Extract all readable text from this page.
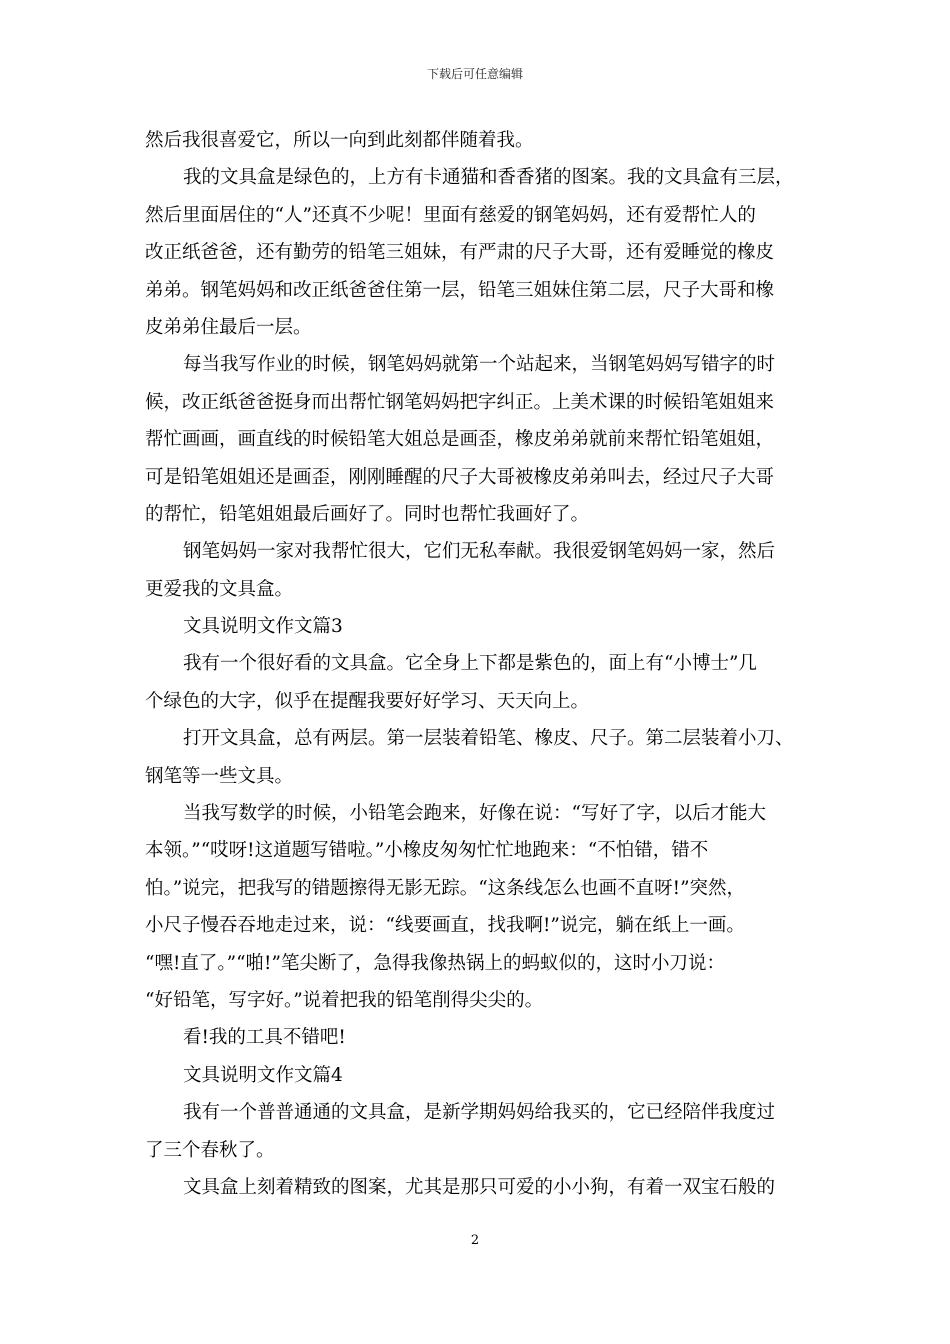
下载后可任意编辑
然后我很喜爱它，所以一向到此刻都伴随着我。
我的文具盒是绿色的，上方有卡通猫和香香猪的图案。我的文具盒有三层，
然后里面居住的“人”还真不少呢！里面有慈爱的钢笔妈妈，还有爱帮忙人的
改正纸爸爸，还有勤劳的铅笔三姐妹，有严肃的尺子大哥，还有爱睡觉的橡皮
弟弟。钢笔妈妈和改正纸爸爸住第一层，铅笔三姐妹住第二层，尺子大哥和橡
皮弟弟住最后一层。
每当我写作业的时候，钢笔妈妈就第一个站起来，当钢笔妈妈写错字的时
候，改正纸爸爸挺身而出帮忙钢笔妈妈把字纠正。上美术课的时候铅笔姐姐来
帮忙画画，画直线的时候铅笔大姐总是画歪，橡皮弟弟就前来帮忙铅笔姐姐，
可是铅笔姐姐还是画歪，刚刚睡醒的尺子大哥被橡皮弟弟叫去，经过尺子大哥
的帮忙，铅笔姐姐最后画好了。同时也帮忙我画好了。
钢笔妈妈一家对我帮忙很大，它们无私奉献。我很爱钢笔妈妈一家，然后
更爱我的文具盒。
文具说明文作文篇3
我有一个很好看的文具盒。它全身上下都是紫色的，面上有“小博士”几
个绿色的大字，似乎在提醒我要好好学习、天天向上。
打开文具盒，总有两层。第一层装着铅笔、橡皮、尺子。第二层装着小刀、
钢笔等一些文具。
当我写数学的时候，小铅笔会跑来，好像在说：“写好了字，以后才能大
本领。”“哎呀!这道题写错啦。”小橡皮匆匆忙忙地跑来：“不怕错，错不
怕。”说完，把我写的错题擦得无影无踪。“这条线怎么也画不直呀!”突然，
小尺子慢吞吞地走过来，说：“线要画直，找我啊!”说完，躺在纸上一画。
“嘿!直了。”“啪!”笔尖断了，急得我像热锅上的蚂蚁似的，这时小刀说：
“好铅笔，写字好。”说着把我的铅笔削得尖尖的。
看!我的工具不错吧!
文具说明文作文篇4
我有一个普普通通的文具盒，是新学期妈妈给我买的，它已经陪伴我度过
了三个春秋了。
文具盒上刻着精致的图案，尤其是那只可爱的小小狗，有着一双宝石般的
2
